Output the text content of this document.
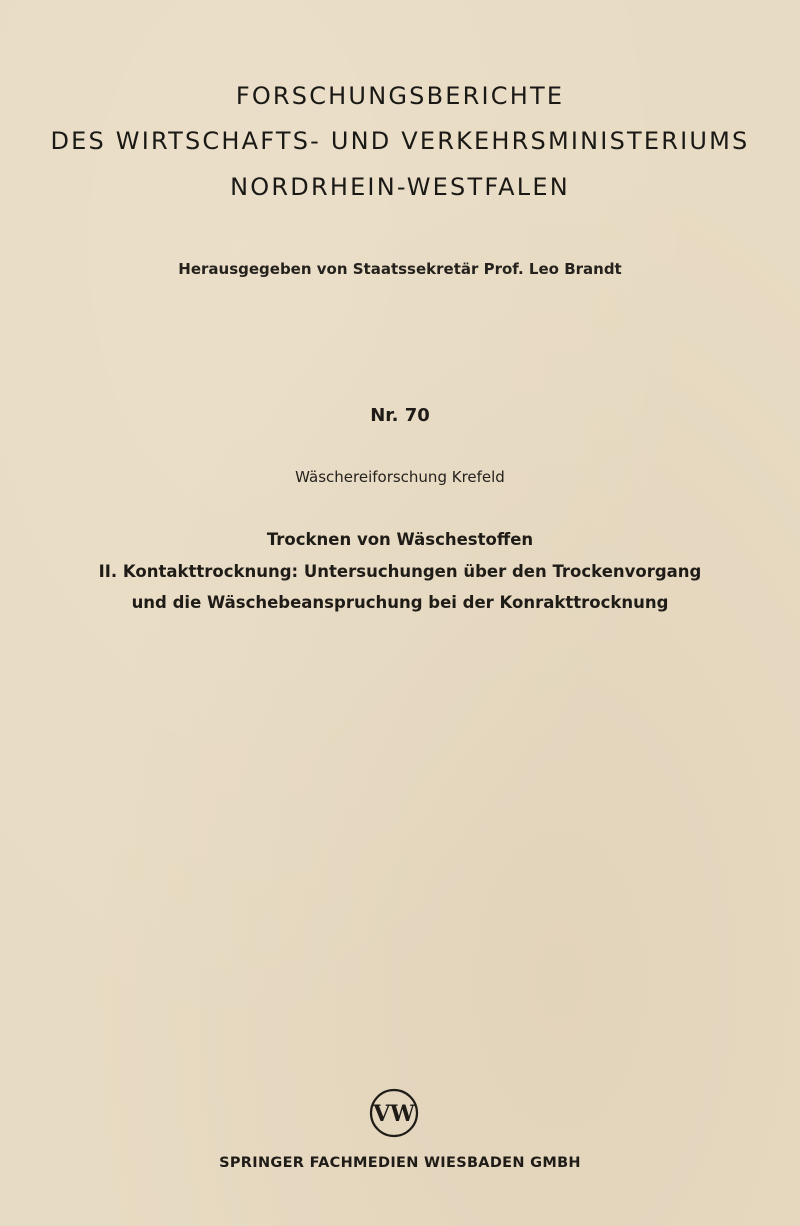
FORSCHUNGSBERICHTE
DES WIRTSCHAFTS- UND VERKEHRSMINISTERIUMS
NORDRHEIN-WESTFALEN
Herausgegeben von Staatssekretär Prof. Leo Brandt
Nr. 70
Wäschereiforschung Krefeld
Trocknen von Wäschestoffen
II. Kontakttrocknung: Untersuchungen über den Trockenvorgang
und die Wäschebeanspruchung bei der Konrakttrocknung
VW
SPRINGER FACHMEDIEN WIESBADEN GMBH
